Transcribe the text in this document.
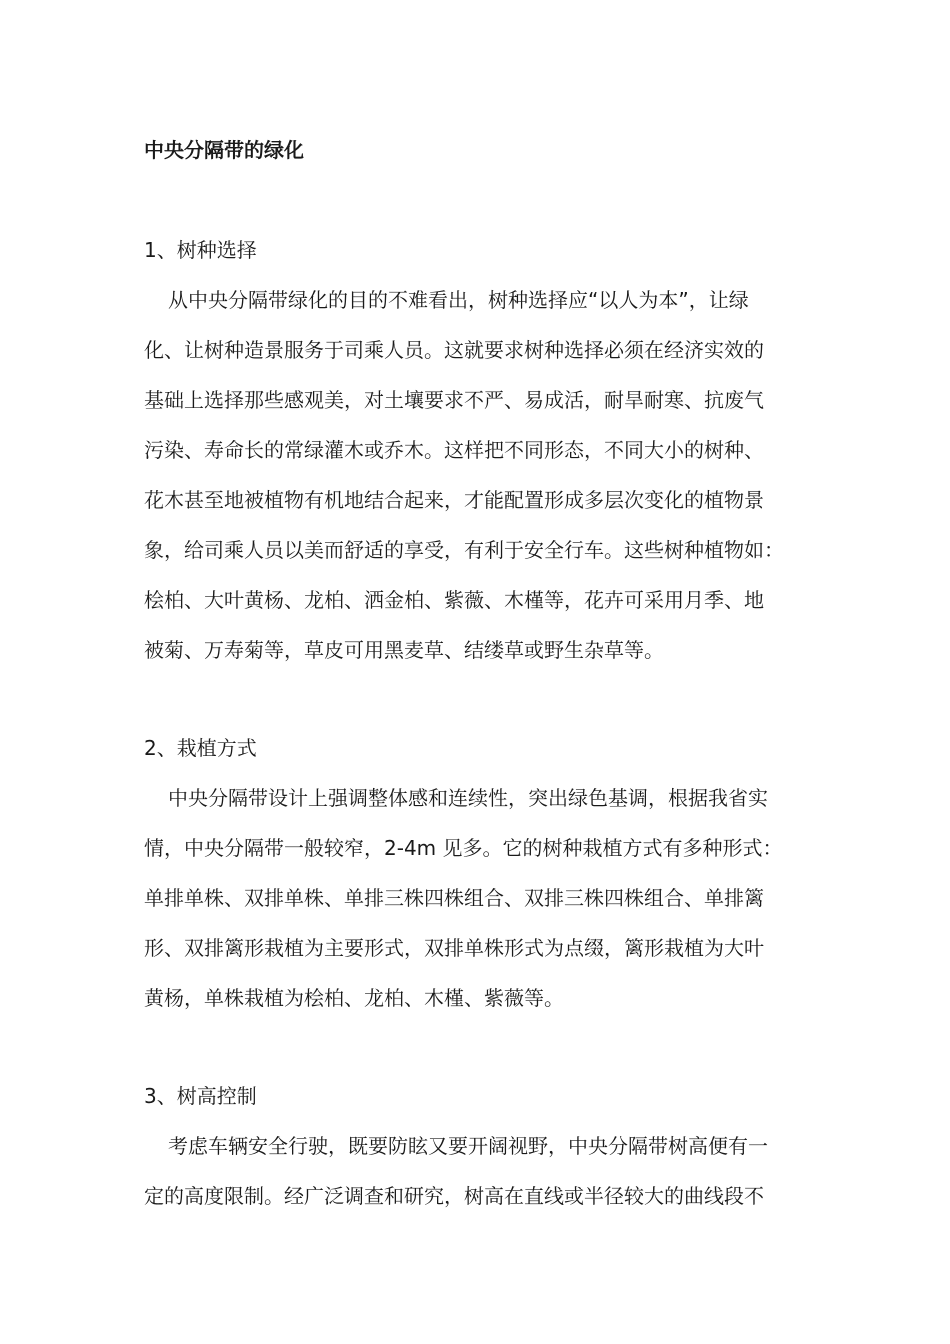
中央分隔带的绿化
1、树种选择
从中央分隔带绿化的目的不难看出，树种选择应“以人为本”，让绿
化、让树种造景服务于司乘人员。这就要求树种选择必须在经济实效的
基础上选择那些感观美，对土壤要求不严、易成活，耐旱耐寒、抗废气
污染、寿命长的常绿灌木或乔木。这样把不同形态，不同大小的树种、
花木甚至地被植物有机地结合起来，才能配置形成多层次变化的植物景
象，给司乘人员以美而舒适的享受，有利于安全行车。这些树种植物如：
桧柏、大叶黄杨、龙柏、洒金柏、紫薇、木槿等，花卉可采用月季、地
被菊、万寿菊等，草皮可用黑麦草、结缕草或野生杂草等。
2、栽植方式
中央分隔带设计上强调整体感和连续性，突出绿色基调，根据我省实
情，中央分隔带一般较窄，2-4m 见多。它的树种栽植方式有多种形式：
单排单株、双排单株、单排三株四株组合、双排三株四株组合、单排篱
形、双排篱形栽植为主要形式，双排单株形式为点缀，篱形栽植为大叶
黄杨，单株栽植为桧柏、龙柏、木槿、紫薇等。
3、树高控制
考虑车辆安全行驶，既要防眩又要开阔视野，中央分隔带树高便有一
定的高度限制。经广泛调查和研究，树高在直线或半径较大的曲线段不
